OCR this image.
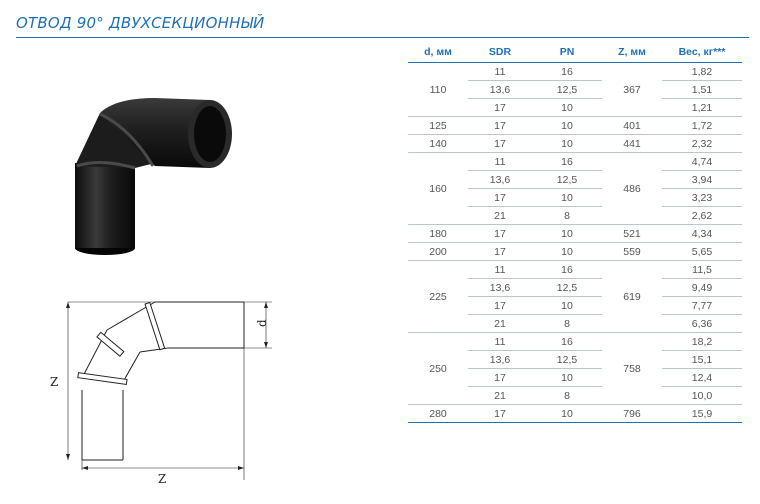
ОТВОД 90° ДВУХСЕКЦИОННЫЙ
Z
Z
d
d, мм	SDR	PN	Z, мм	Вес, кг***
110	11	16	367	1,82
	13,6	12,5		1,51
	17	10		1,21
125	17	10	401	1,72
140	17	10	441	2,32
160	11	16	486	4,74
	13,6	12,5		3,94
	17	10		3,23
	21	8		2,62
180	17	10	521	4,34
200	17	10	559	5,65
225	11	16	619	11,5
	13,6	12,5		9,49
	17	10		7,77
	21	8		6,36
250	11	16	758	18,2
	13,6	12,5		15,1
	17	10		12,4
	21	8		10,0
280	17	10	796	15,9
